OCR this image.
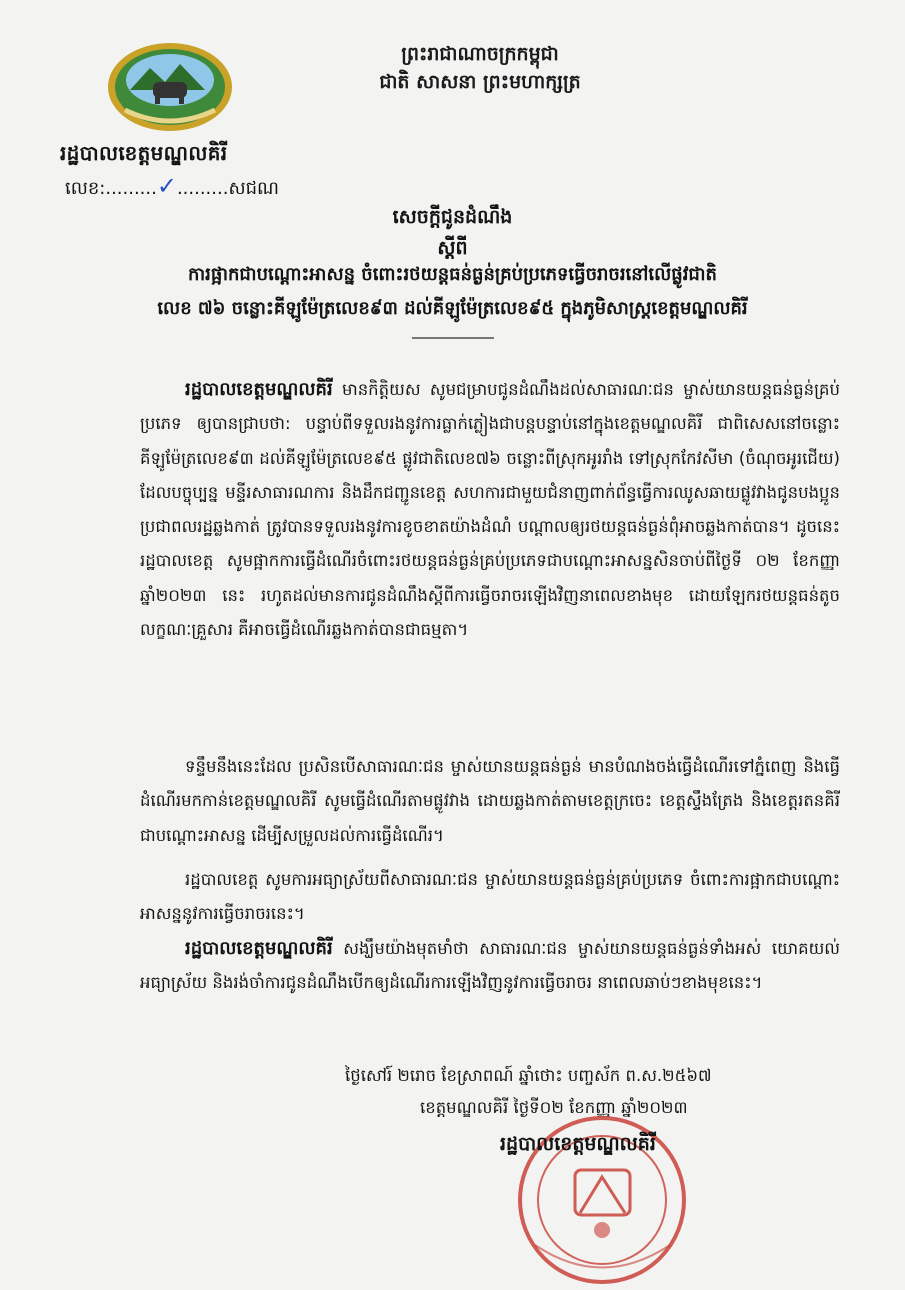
ព្រះរាជាណាចក្រកម្ពុជា
ជាតិ សាសនា ព្រះមហាក្សត្រ
រដ្ឋបាលខេត្តមណ្ឌលគិរី
លេខ:.........✓.........សជណ
សេចក្តីជូនដំណឹង
ស្តីពី
ការផ្អាកជាបណ្តោះអាសន្ន ចំពោះរថយន្តធន់ធ្ងន់គ្រប់ប្រភេទធ្វើចរាចរនៅលើផ្លូវជាតិ
លេខ ៧៦ ចន្លោះគីឡូម៉ែត្រលេខ៩៣ ដល់គីឡូម៉ែត្រលេខ៩៥ ក្នុងភូមិសាស្ត្រខេត្តមណ្ឌលគិរី
រដ្ឋបាលខេត្តមណ្ឌលគិរី មានកិត្តិយស សូមជម្រាបជូនដំណឹងដល់សាធារណៈជន ម្ចាស់យានយន្តធន់ធ្ងន់គ្រប់ប្រភេទ ឲ្យបានជ្រាបថា: បន្ទាប់ពីទទួលរងនូវការធ្លាក់ភ្លៀងជាបន្តបន្ទាប់នៅក្នុងខេត្តមណ្ឌលគិរី ជាពិសេសនៅចន្លោះគីឡូម៉ែត្រលេខ៩៣ ដល់គីឡូម៉ែត្រលេខ៩៥ ផ្លូវជាតិលេខ៧៦ ចន្លោះពីស្រុកអូររាំង ទៅស្រុកកែវសីមា (ចំណុចអូរជើយ) ដែលបច្ចុប្បន្ន មន្ទីរសាធារណការ និងដឹកជញ្ជូនខេត្ត សហការជាមួយជំនាញពាក់ព័ន្ធធ្វើការឈូសឆាយផ្លូវវាងជូនបងប្អូនប្រជាពលរដ្ឋឆ្លងកាត់ ត្រូវបានទទួលរងនូវការខូចខាតយ៉ាងដំណំ បណ្តាលឲ្យរថយន្តធន់ធ្ងន់ពុំអាចឆ្លងកាត់បាន។ ដូចនេះរដ្ឋបាលខេត្ត សូមផ្អាកការធ្វើដំណើរចំពោះរថយន្តធន់ធ្ងន់គ្រប់ប្រភេទជាបណ្តោះអាសន្នសិនចាប់ពីថ្ងៃទី ០២ ខែកញ្ញា ឆ្នាំ២០២៣ នេះ រហូតដល់មានការជូនដំណឹងស្តីពីការធ្វើចរាចរឡើងវិញនាពេលខាងមុខ ដោយឡែករថយន្តធន់តូចលក្ខណៈគ្រួសារ គឺអាចធ្វើដំណើរឆ្លងកាត់បានជាធម្មតា។
ទន្ទឹមនឹងនេះដែល ប្រសិនបើសាធារណៈជន ម្ចាស់យានយន្តធន់ធ្ងន់ មានបំណងចង់ធ្វើដំណើរទៅភ្នំពេញ និងធ្វើដំណើរមកកាន់ខេត្តមណ្ឌលគិរី សូមធ្វើដំណើរតាមផ្លូវវាង ដោយឆ្លងកាត់តាមខេត្តក្រចេះ ខេត្តស្ទឹងត្រែង និងខេត្តរតនគិរី ជាបណ្តោះអាសន្ន ដើម្បីសម្រួលដល់ការធ្វើដំណើរ។
រដ្ឋបាលខេត្ត សូមការអធ្យាស្រ័យពីសាធារណៈជន ម្ចាស់យានយន្តធន់ធ្ងន់គ្រប់ប្រភេទ ចំពោះការផ្អាកជាបណ្តោះអាសន្ននូវការធ្វើចរាចរនេះ។
រដ្ឋបាលខេត្តមណ្ឌលគិរី សង្ឃឹមយ៉ាងមុតមាំថា សាធារណៈជន ម្ចាស់យានយន្តធន់ធ្ងន់ទាំងអស់ យោគយល់អធ្យាស្រ័យ និងរង់ចាំការជូនដំណឹងបើកឲ្យដំណើរការឡើងវិញនូវការធ្វើចរាចរ នាពេលឆាប់ៗខាងមុខនេះ។
ថ្ងៃសៅរ៍ ២រោច ខែស្រាពណ៍ ឆ្នាំថោះ បញ្ចស័ក ព.ស.២៥៦៧
ខេត្តមណ្ឌលគិរី ថ្ងៃទី០២ ខែកញ្ញា ឆ្នាំ២០២៣
រដ្ឋបាលខេត្តមណ្ឌលគិរី
